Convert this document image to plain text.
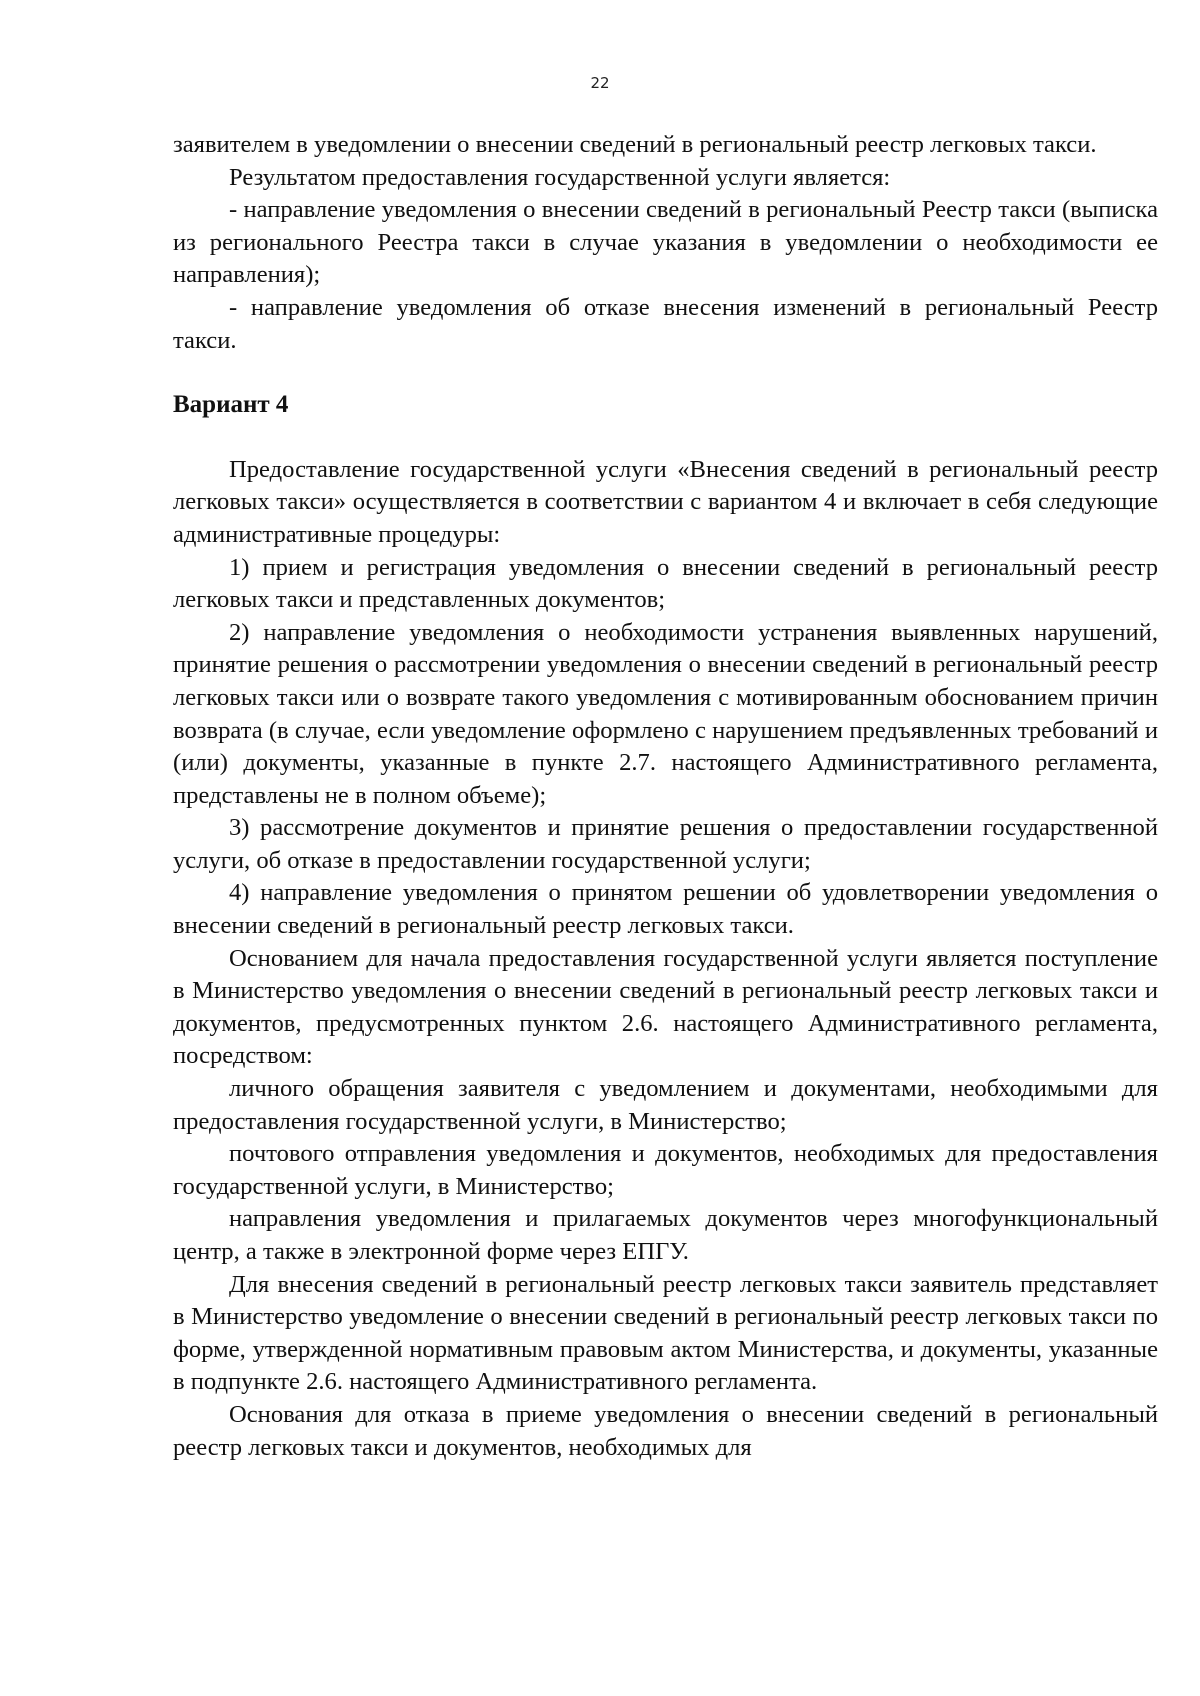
22

заявителем в уведомлении о внесении сведений в региональный реестр легковых такси.

Результатом предоставления государственной услуги является:

- направление уведомления о внесении сведений в региональный Реестр такси (выписка из регионального Реестра такси в случае указания в уведомлении о необходимости ее направления);

- направление уведомления об отказе внесения изменений в региональный Реестр такси.

Вариант 4

Предоставление государственной услуги «Внесения сведений в региональный реестр легковых такси» осуществляется в соответствии с вариантом 4 и включает в себя следующие административные процедуры:

1) прием и регистрация уведомления о внесении сведений в региональный реестр легковых такси и представленных документов;

2) направление уведомления о необходимости устранения выявленных нарушений, принятие решения о рассмотрении уведомления о внесении сведений в региональный реестр легковых такси или о возврате такого уведомления с мотивированным обоснованием причин возврата (в случае, если уведомление оформлено с нарушением предъявленных требований и (или) документы, указанные в пункте 2.7. настоящего Административного регламента, представлены не в полном объеме);

3) рассмотрение документов и принятие решения о предоставлении государственной услуги, об отказе в предоставлении государственной услуги;

4) направление уведомления о принятом решении об удовлетворении уведомления о внесении сведений в региональный реестр легковых такси.

Основанием для начала предоставления государственной услуги является поступление в Министерство уведомления о внесении сведений в региональный реестр легковых такси и документов, предусмотренных пунктом 2.6. настоящего Административного регламента, посредством:

личного обращения заявителя с уведомлением и документами, необходимыми для предоставления государственной услуги, в Министерство;

почтового отправления уведомления и документов, необходимых для предоставления государственной услуги, в Министерство;

направления уведомления и прилагаемых документов через многофункциональный центр, а также в электронной форме через ЕПГУ.

Для внесения сведений в региональный реестр легковых такси заявитель представляет в Министерство уведомление о внесении сведений в региональный реестр легковых такси по форме, утвержденной нормативным правовым актом Министерства, и документы, указанные в подпункте 2.6. настоящего Административного регламента.

Основания для отказа в приеме уведомления о внесении сведений в региональный реестр легковых такси и документов, необходимых для
